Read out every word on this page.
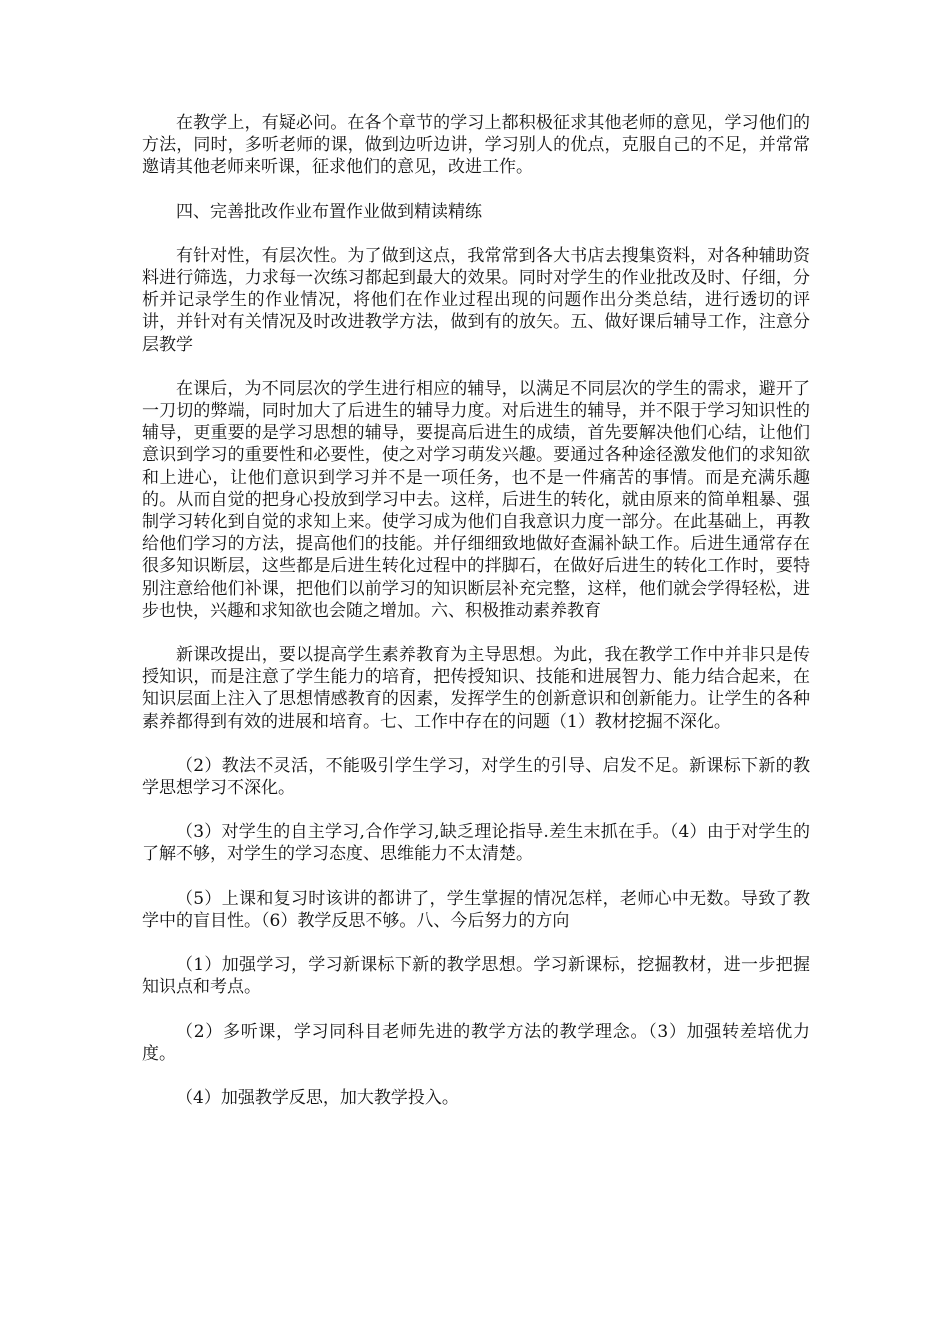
在教学上，有疑必问。在各个章节的学习上都积极征求其他老师的意见，学习他们的方法，同时，多听老师的课，做到边听边讲，学习别人的优点，克服自己的不足，并常常邀请其他老师来听课，征求他们的意见，改进工作。

四、完善批改作业布置作业做到精读精练

有针对性，有层次性。为了做到这点，我常常到各大书店去搜集资料，对各种辅助资料进行筛选，力求每一次练习都起到最大的效果。同时对学生的作业批改及时、仔细，分析并记录学生的作业情况，将他们在作业过程出现的问题作出分类总结，进行透切的评讲，并针对有关情况及时改进教学方法，做到有的放矢。五、做好课后辅导工作，注意分层教学

在课后，为不同层次的学生进行相应的辅导，以满足不同层次的学生的需求，避开了一刀切的弊端，同时加大了后进生的辅导力度。对后进生的辅导，并不限于学习知识性的辅导，更重要的是学习思想的辅导，要提高后进生的成绩，首先要解决他们心结，让他们意识到学习的重要性和必要性，使之对学习萌发兴趣。要通过各种途径激发他们的求知欲和上进心，让他们意识到学习并不是一项任务，也不是一件痛苦的事情。而是充满乐趣的。从而自觉的把身心投放到学习中去。这样，后进生的转化，就由原来的简单粗暴、强制学习转化到自觉的求知上来。使学习成为他们自我意识力度一部分。在此基础上，再教给他们学习的方法，提高他们的技能。并仔细细致地做好查漏补缺工作。后进生通常存在很多知识断层，这些都是后进生转化过程中的拌脚石，在做好后进生的转化工作时，要特别注意给他们补课，把他们以前学习的知识断层补充完整，这样，他们就会学得轻松，进步也快，兴趣和求知欲也会随之增加。六、积极推动素养教育

新课改提出，要以提高学生素养教育为主导思想。为此，我在教学工作中并非只是传授知识，而是注意了学生能力的培育，把传授知识、技能和进展智力、能力结合起来，在知识层面上注入了思想情感教育的因素，发挥学生的创新意识和创新能力。让学生的各种素养都得到有效的进展和培育。七、工作中存在的问题（1）教材挖掘不深化。

（2）教法不灵活，不能吸引学生学习，对学生的引导、启发不足。新课标下新的教学思想学习不深化。

（3）对学生的自主学习,合作学习,缺乏理论指导.差生末抓在手。（4）由于对学生的了解不够，对学生的学习态度、思维能力不太清楚。

（5）上课和复习时该讲的都讲了，学生掌握的情况怎样，老师心中无数。导致了教学中的盲目性。（6）教学反思不够。八、今后努力的方向

（1）加强学习，学习新课标下新的教学思想。学习新课标，挖掘教材，进一步把握知识点和考点。

（2）多听课，学习同科目老师先进的教学方法的教学理念。（3）加强转差培优力度。

（4）加强教学反思，加大教学投入。
